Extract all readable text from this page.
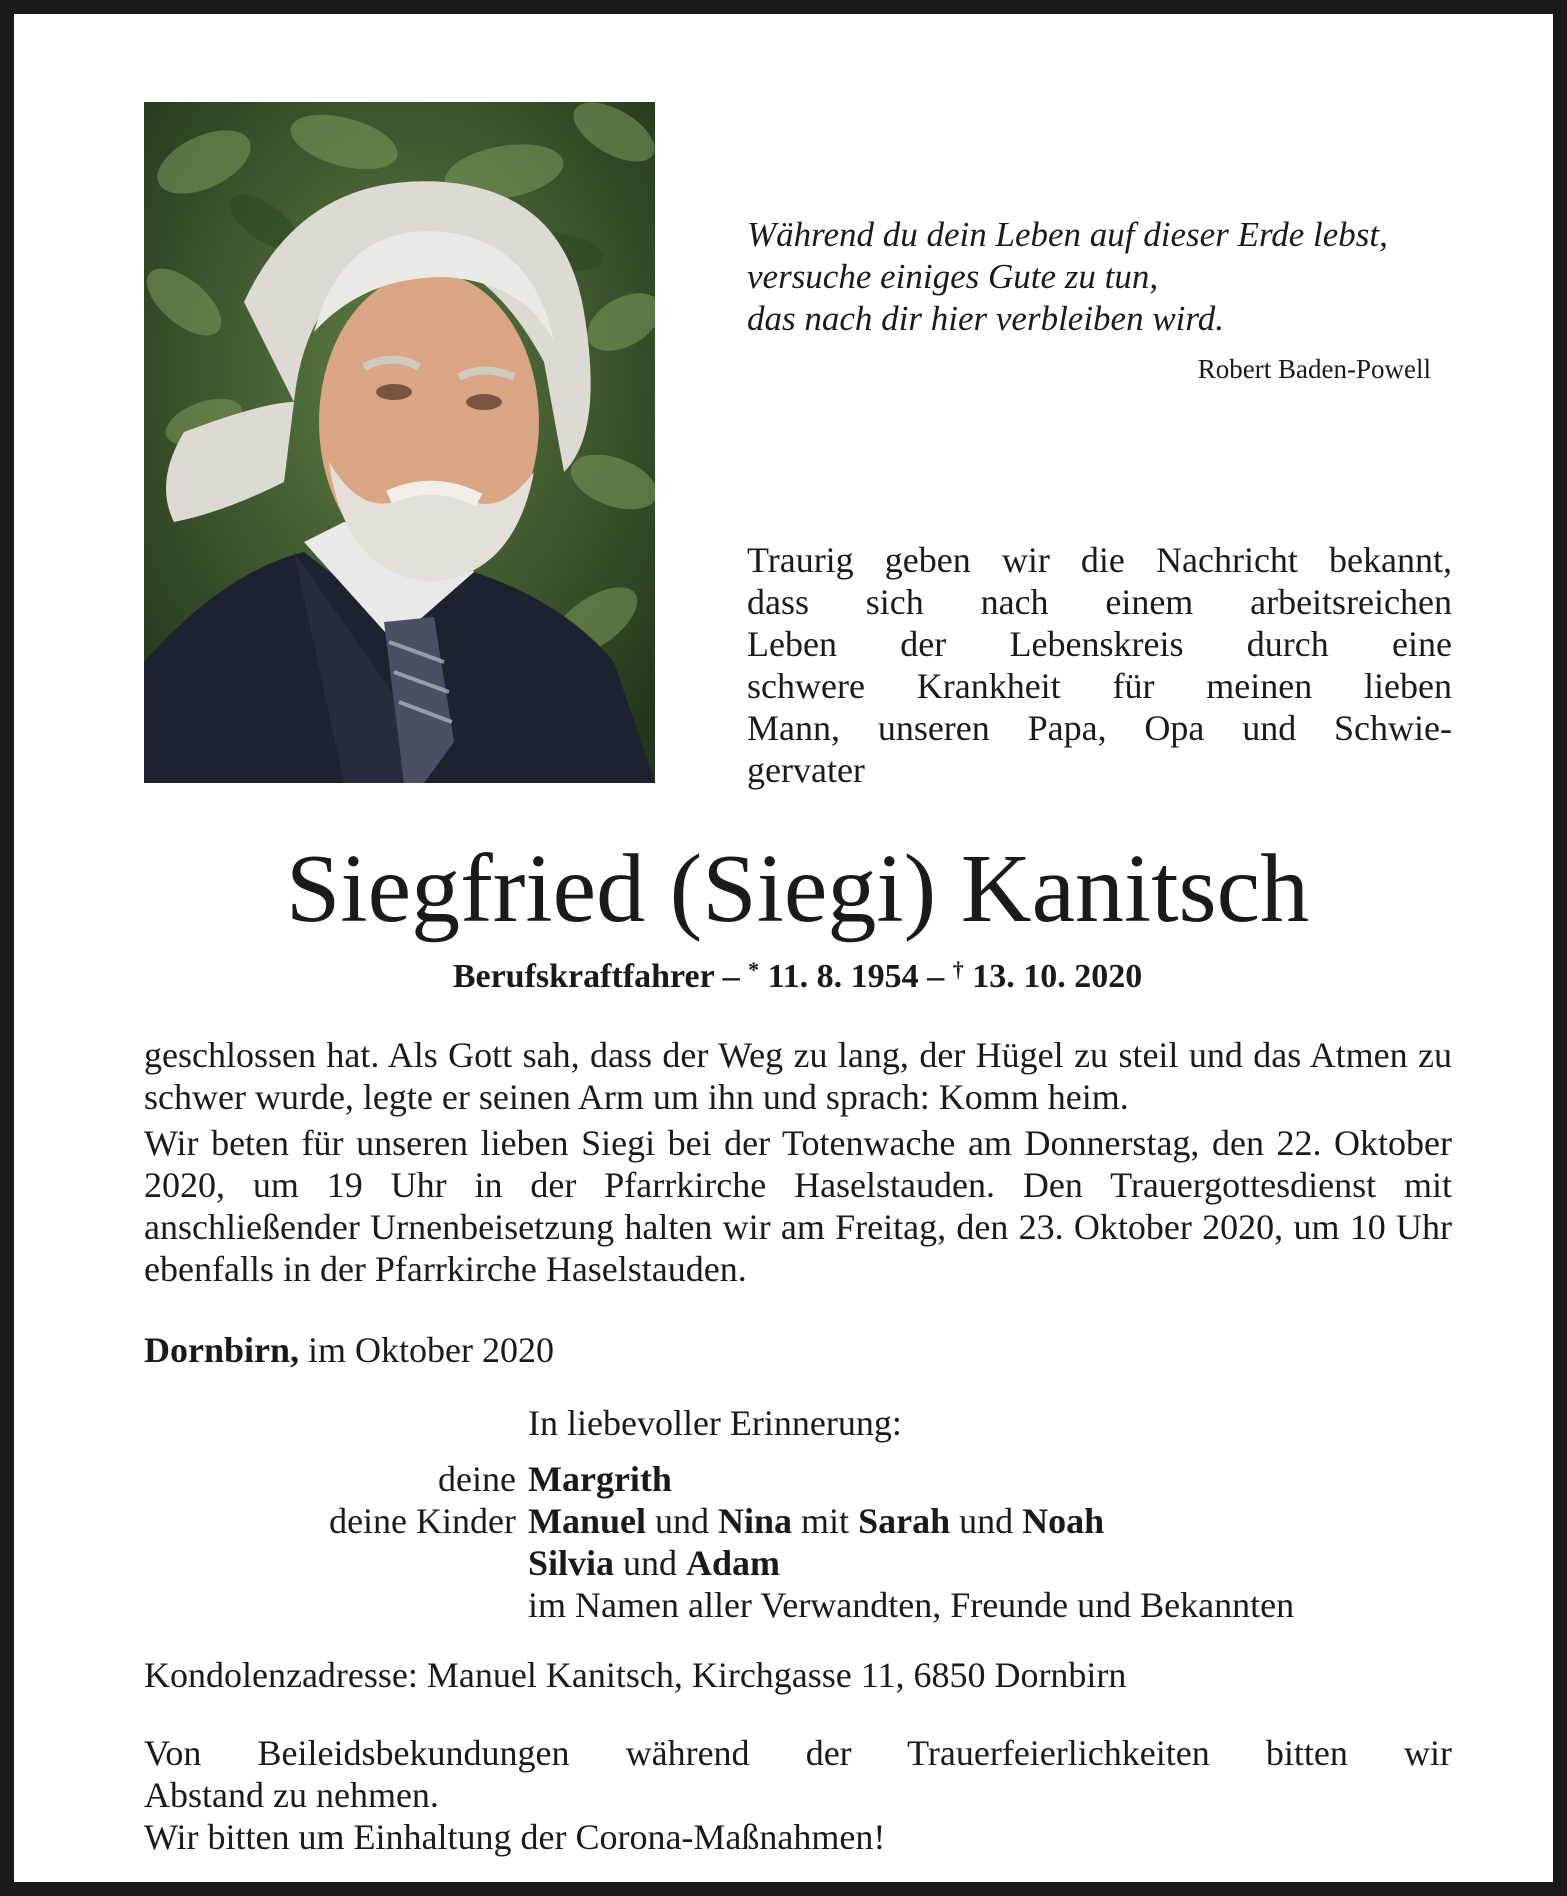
Während du dein Leben auf dieser Erde lebst,
versuche einiges Gute zu tun,
das nach dir hier verbleiben wird.
Robert Baden-Powell
Traurig geben wir die Nachricht bekannt,
dass sich nach einem arbeitsreichen
Leben der Lebenskreis durch eine
schwere Krankheit für meinen lieben
Mann, unseren Papa, Opa und Schwie-
gervater
Siegfried (Siegi) Kanitsch
Berufskraftfahrer – * 11. 8. 1954 – † 13. 10. 2020

geschlossen hat. Als Gott sah, dass der Weg zu lang, der Hügel zu steil und das Atmen zu schwer wurde, legte er seinen Arm um ihn und sprach: Komm heim.

Wir beten für unseren lieben Siegi bei der Totenwache am Donnerstag, den 22. Oktober 2020, um 19 Uhr in der Pfarrkirche Haselstauden. Den Trauergottesdienst mit anschließender Urnenbeisetzung halten wir am Freitag, den 23. Oktober 2020, um 10 Uhr ebenfalls in der Pfarrkirche Haselstauden.

Dornbirn, im Oktober 2020
In liebevoller Erinnerung:
deine Margrith
deine Kinder Manuel und Nina mit Sarah und Noah
Silvia und Adam
im Namen aller Verwandten, Freunde und Bekannten
Kondolenzadresse: Manuel Kanitsch, Kirchgasse 11, 6850 Dornbirn

Von Beileidsbekundungen während der Trauerfeierlichkeiten bitten wir

Abstand zu nehmen.

Wir bitten um Einhaltung der Corona-Maßnahmen!
